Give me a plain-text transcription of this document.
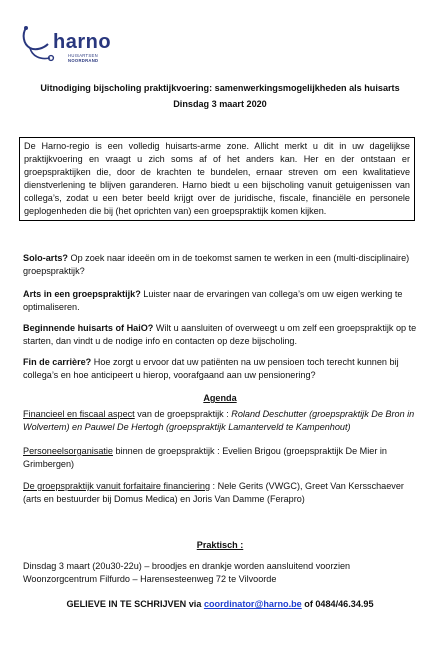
harno
HUISARTSEN
NOORDRAND
Uitnodiging bijscholing praktijkvoering: samenwerkingsmogelijkheden als huisarts
Dinsdag 3 maart 2020
De Harno-regio is een volledig huisarts-arme zone. Allicht merkt u dit in uw dagelijkse praktijkvoering en vraagt u zich soms af of het anders kan. Her en der ontstaan er groepspraktijken die, door de krachten te bundelen, ernaar streven om een kwalitatieve dienstverlening te blijven garanderen. Harno biedt u een bijscholing vanuit getuigenissen van collega’s, zodat u een beter beeld krijgt over de juridische, fiscale, financiële en personele geplogenheden die bij (het oprichten van) een groepspraktijk komen kijken.
Solo-arts? Op zoek naar ideeën om in de toekomst samen te werken in een (multi-disciplinaire) groepspraktijk?
Arts in een groepspraktijk? Luister naar de ervaringen van collega’s om uw eigen werking te optimaliseren.
Beginnende huisarts of HaiO? Wilt u aansluiten of overweegt u om zelf een groepspraktijk op te starten, dan vindt u de nodige info en contacten op deze bijscholing.
Fin de carrière? Hoe zorgt u ervoor dat uw patiënten na uw pensioen toch terecht kunnen bij collega’s en hoe anticipeert u hierop, voorafgaand aan uw pensionering?
Agenda
Financieel en fiscaal aspect van de groepspraktijk : Roland Deschutter (groepspraktijk De Bron in Wolvertem) en Pauwel De Hertogh (groepspraktijk Lamanterveld te Kampenhout)
Personeelsorganisatie binnen de groepspraktijk : Evelien Brigou (groepspraktijk De Mier in Grimbergen)
De groepspraktijk vanuit forfaitaire financiering : Nele Gerits (VWGC), Greet Van Kersschaever (arts en bestuurder bij Domus Medica) en Joris Van Damme (Ferapro)
Praktisch :
Dinsdag 3 maart (20u30-22u) – broodjes en drankje worden aansluitend voorzien
Woonzorgcentrum Filfurdo – Harensesteenweg 72 te Vilvoorde
GELIEVE IN TE SCHRIJVEN via coordinator@harno.be of 0484/46.34.95
